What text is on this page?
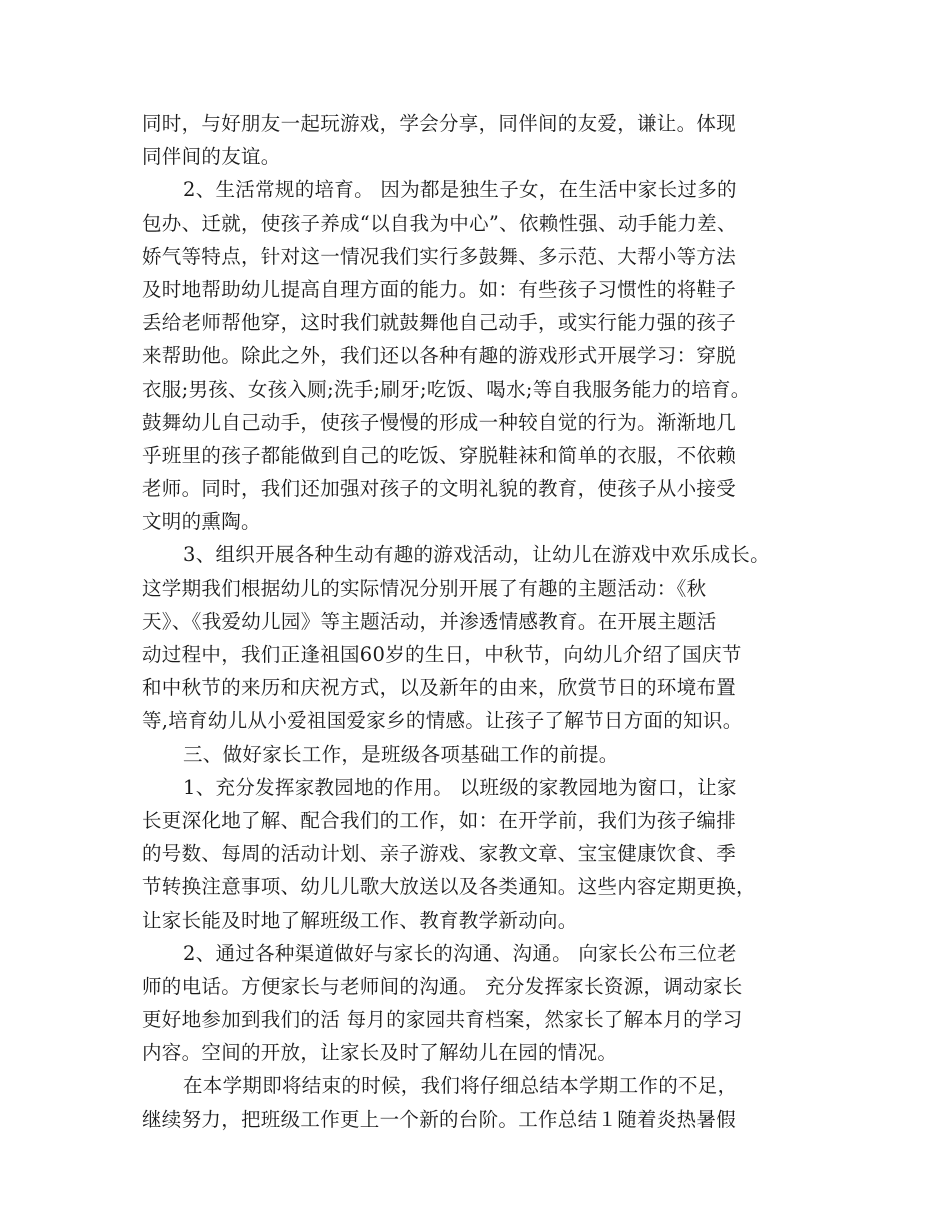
同时，与好朋友一起玩游戏，学会分享，同伴间的友爱，谦让。体现
同伴间的友谊。
2、生活常规的培育。 因为都是独生子女，在生活中家长过多的
包办、迁就，使孩子养成“以自我为中心”、依赖性强、动手能力差、
娇气等特点，针对这一情况我们实行多鼓舞、多示范、大帮小等方法
及时地帮助幼儿提高自理方面的能力。如：有些孩子习惯性的将鞋子
丢给老师帮他穿，这时我们就鼓舞他自己动手，或实行能力强的孩子
来帮助他。除此之外，我们还以各种有趣的游戏形式开展学习：穿脱
衣服;男孩、女孩入厕;洗手;刷牙;吃饭、喝水;等自我服务能力的培育。
鼓舞幼儿自己动手，使孩子慢慢的形成一种较自觉的行为。渐渐地几
乎班里的孩子都能做到自己的吃饭、穿脱鞋袜和简单的衣服，不依赖
老师。同时，我们还加强对孩子的文明礼貌的教育，使孩子从小接受
文明的熏陶。
3、组织开展各种生动有趣的游戏活动，让幼儿在游戏中欢乐成长。
这学期我们根据幼儿的实际情况分别开展了有趣的主题活动：《秋
天》、《我爱幼儿园》等主题活动，并渗透情感教育。在开展主题活
动过程中，我们正逢祖国60岁的生日，中秋节，向幼儿介绍了国庆节
和中秋节的来历和庆祝方式，以及新年的由来，欣赏节日的环境布置
等,培育幼儿从小爱祖国爱家乡的情感。让孩子了解节日方面的知识。
三、做好家长工作，是班级各项基础工作的前提。
1、充分发挥家教园地的作用。 以班级的家教园地为窗口，让家
长更深化地了解、配合我们的工作，如：在开学前，我们为孩子编排
的号数、每周的活动计划、亲子游戏、家教文章、宝宝健康饮食、季
节转换注意事项、幼儿儿歌大放送以及各类通知。这些内容定期更换，
让家长能及时地了解班级工作、教育教学新动向。
2、通过各种渠道做好与家长的沟通、沟通。 向家长公布三位老
师的电话。方便家长与老师间的沟通。 充分发挥家长资源，调动家长
更好地参加到我们的活 每月的家园共育档案，然家长了解本月的学习
内容。空间的开放，让家长及时了解幼儿在园的情况。
在本学期即将结束的时候，我们将仔细总结本学期工作的不足，
继续努力，把班级工作更上一个新的台阶。工作总结１随着炎热暑假
